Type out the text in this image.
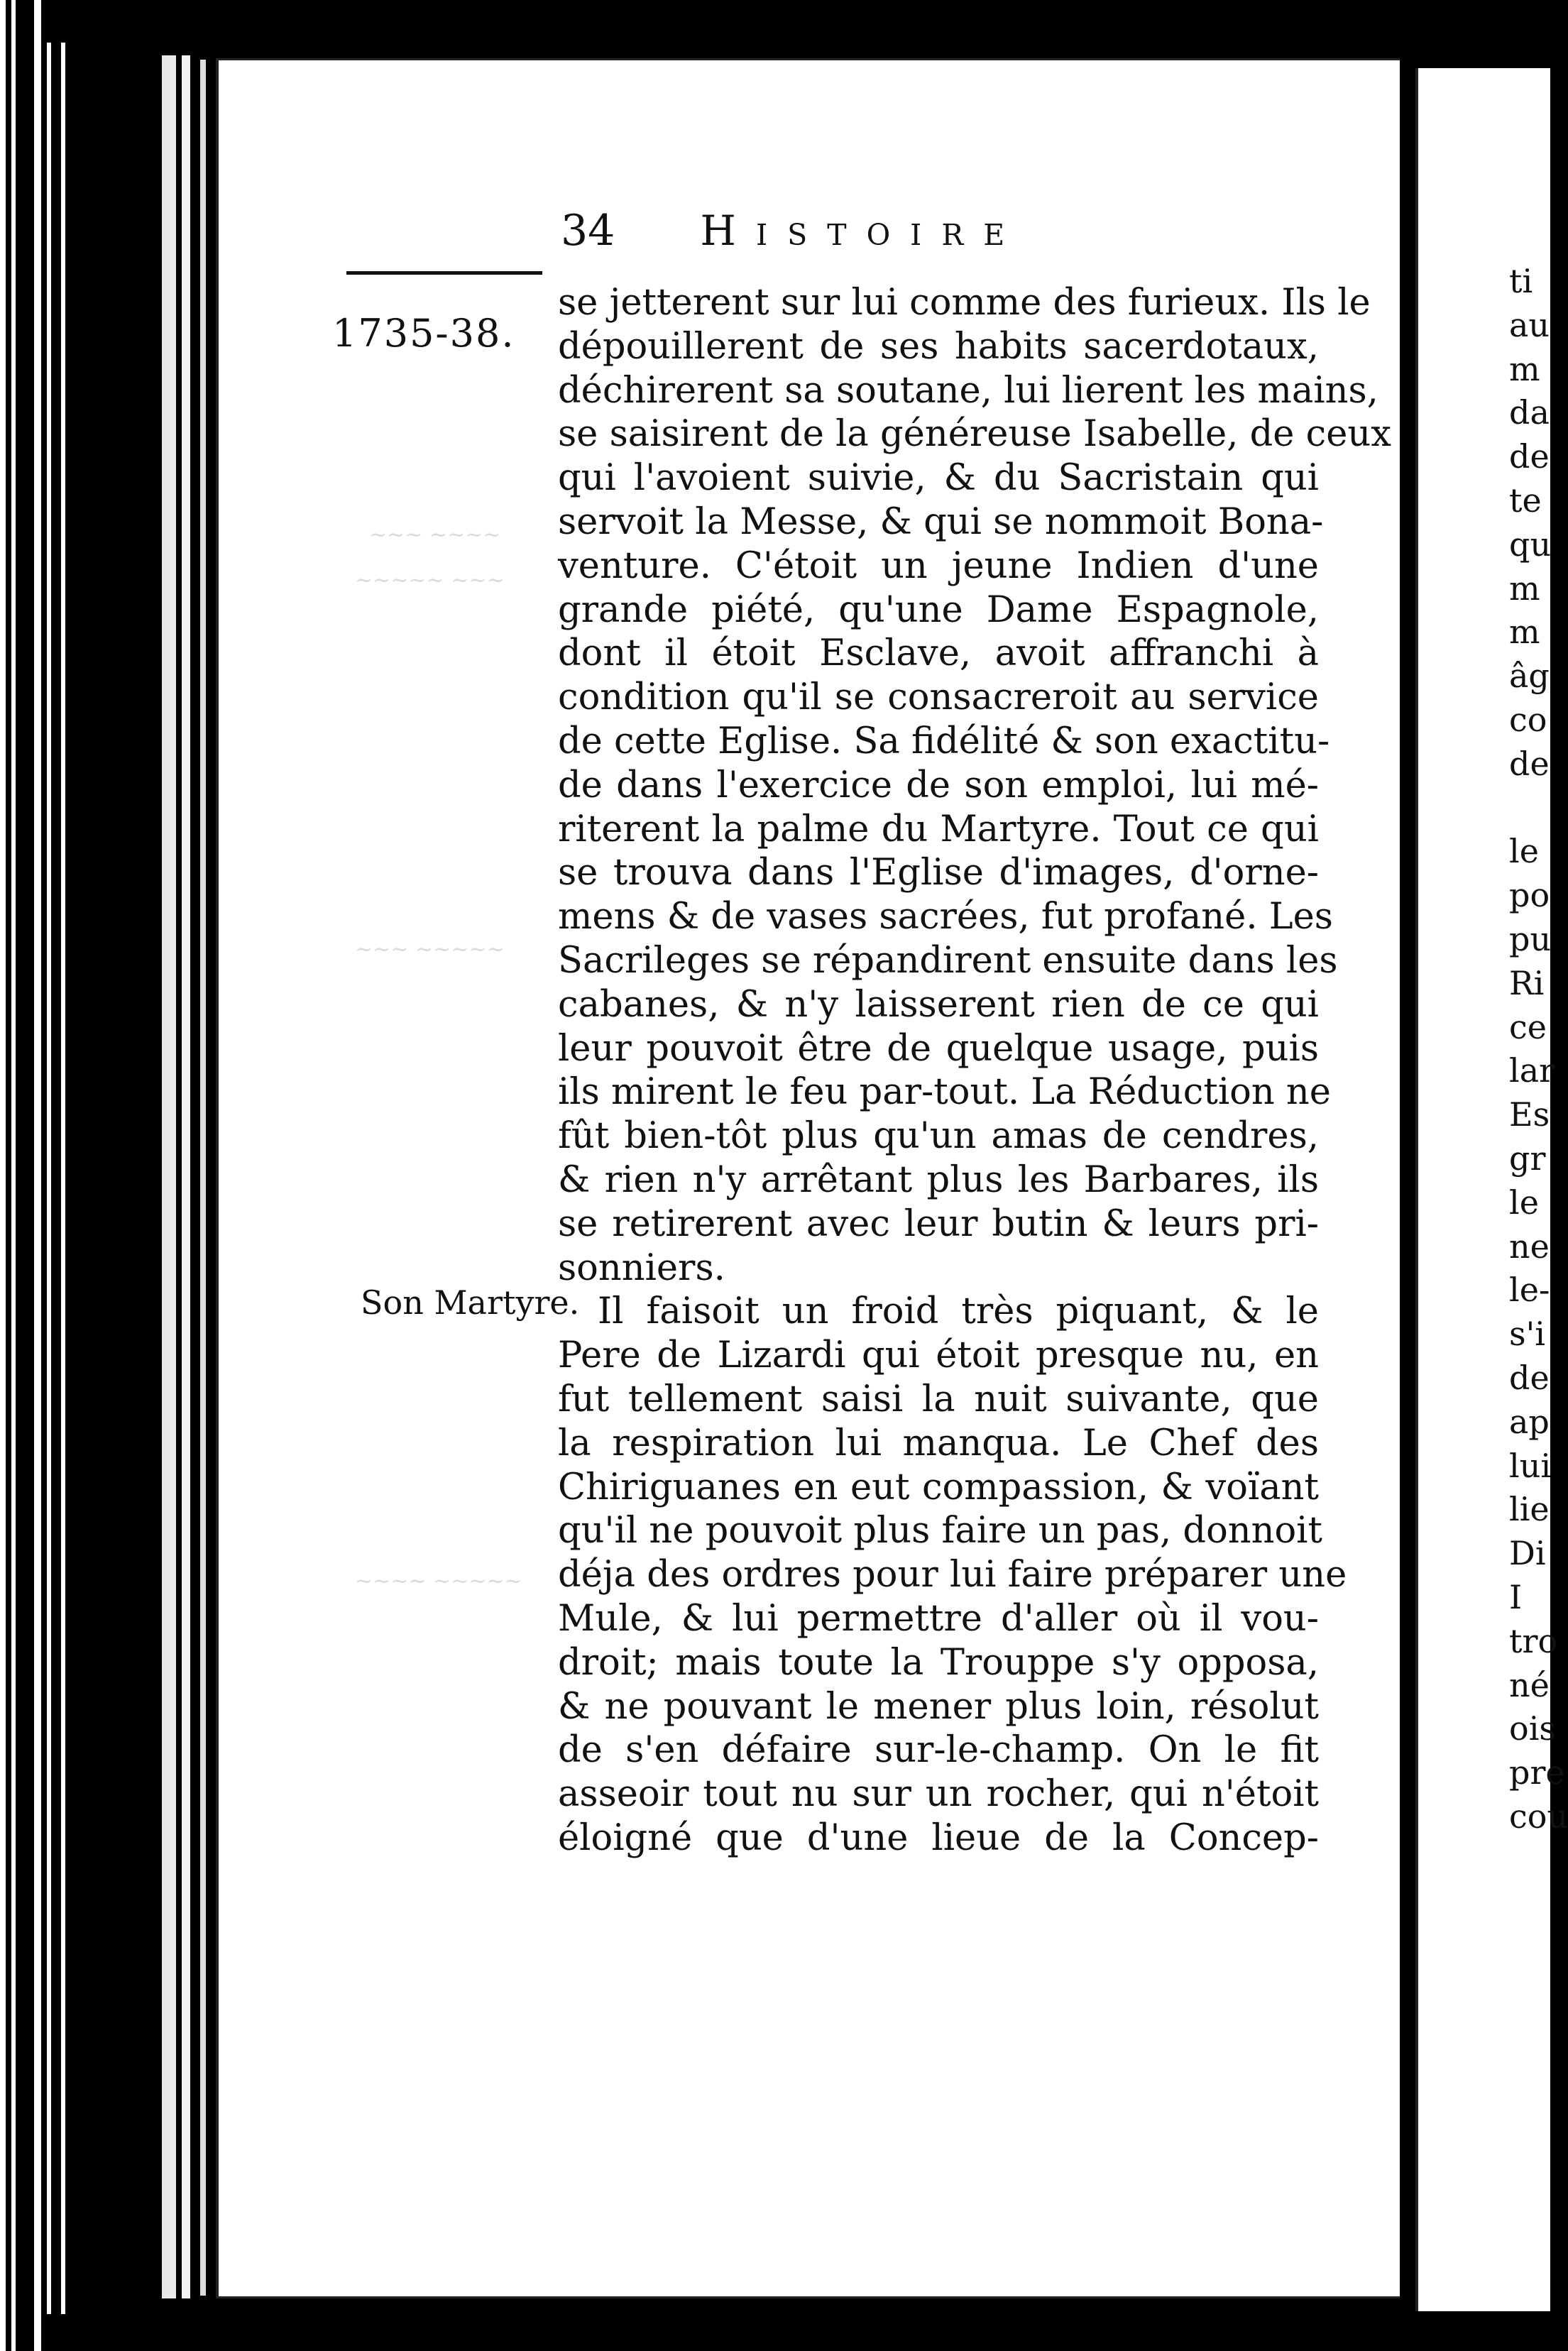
~~~ ~~~~
~~~~~ ~~~
~~~ ~~~~~
~~~~ ~~~~~
34 Histoire
1735-38.
Son Martyre.
se jetterent sur lui comme des furieux. Ils le
dépouillerent de ses habits sacerdotaux,
déchirerent sa soutane, lui lierent les mains,
se saisirent de la généreuse Isabelle, de ceux
qui l'avoient suivie, & du Sacristain qui
servoit la Messe, & qui se nommoit Bona-
venture. C'étoit un jeune Indien d'une
grande piété, qu'une Dame Espagnole,
dont il étoit Esclave, avoit affranchi à
condition qu'il se consacreroit au service
de cette Eglise. Sa fidélité & son exactitu-
de dans l'exercice de son emploi, lui mé-
riterent la palme du Martyre. Tout ce qui
se trouva dans l'Eglise d'images, d'orne-
mens & de vases sacrées, fut profané. Les
Sacrileges se répandirent ensuite dans les
cabanes, & n'y laisserent rien de ce qui
leur pouvoit être de quelque usage, puis
ils mirent le feu par-tout. La Réduction ne
fût bien-tôt plus qu'un amas de cendres,
& rien n'y arrêtant plus les Barbares, ils
se retirerent avec leur butin & leurs pri-
sonniers.
Il faisoit un froid très piquant, & le
Pere de Lizardi qui étoit presque nu, en
fut tellement saisi la nuit suivante, que
la respiration lui manqua. Le Chef des
Chiriguanes en eut compassion, & voïant
qu'il ne pouvoit plus faire un pas, donnoit
déja des ordres pour lui faire préparer une
Mule, & lui permettre d'aller où il vou-
droit; mais toute la Trouppe s'y opposa,
& ne pouvant le mener plus loin, résolut
de s'en défaire sur-le-champ. On le fit
asseoir tout nu sur un rocher, qui n'étoit
éloigné que d'une lieue de la Concep-
ti
au
m
da
de
te
qu
m
m
âg
co
de
le
po
pu
Ri
ce
lar
Es
gr
le
ne
le-
s'i
de
ap
lui
lie
Di
I
tro
né
ois
pre
cou
